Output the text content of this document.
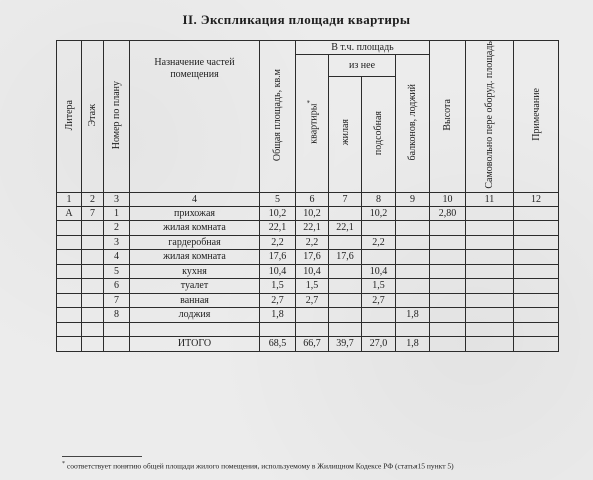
II. Экспликация площади квартиры
Литера	Этаж	Номер по плану	Назначение частей помещения	Общая площадь, кв.м	В т.ч. площадь				Высота	Самовольно пере оборуд. площадь	Примечание
					квартиры*	из нее		балконов, лоджий			
						жилая	подсобная				
1	2	3	4	5	6	7	8	9	10	11	12
А	7	1	прихожая	10,2	10,2		10,2		2,80		
		2	жилая комната	22,1	22,1	22,1					
		3	гардеробная	2,2	2,2		2,2				
		4	жилая комната	17,6	17,6	17,6					
		5	кухня	10,4	10,4		10,4				
		6	туалет	1,5	1,5		1,5				
		7	ванная	2,7	2,7		2,7				
		8	лоджия	1,8				1,8			

			ИТОГО	68,5	66,7	39,7	27,0	1,8			
* соответствует понятию общей площади жилого помещения, используемому в Жилищном Кодексе РФ (статья15 пункт 5)
